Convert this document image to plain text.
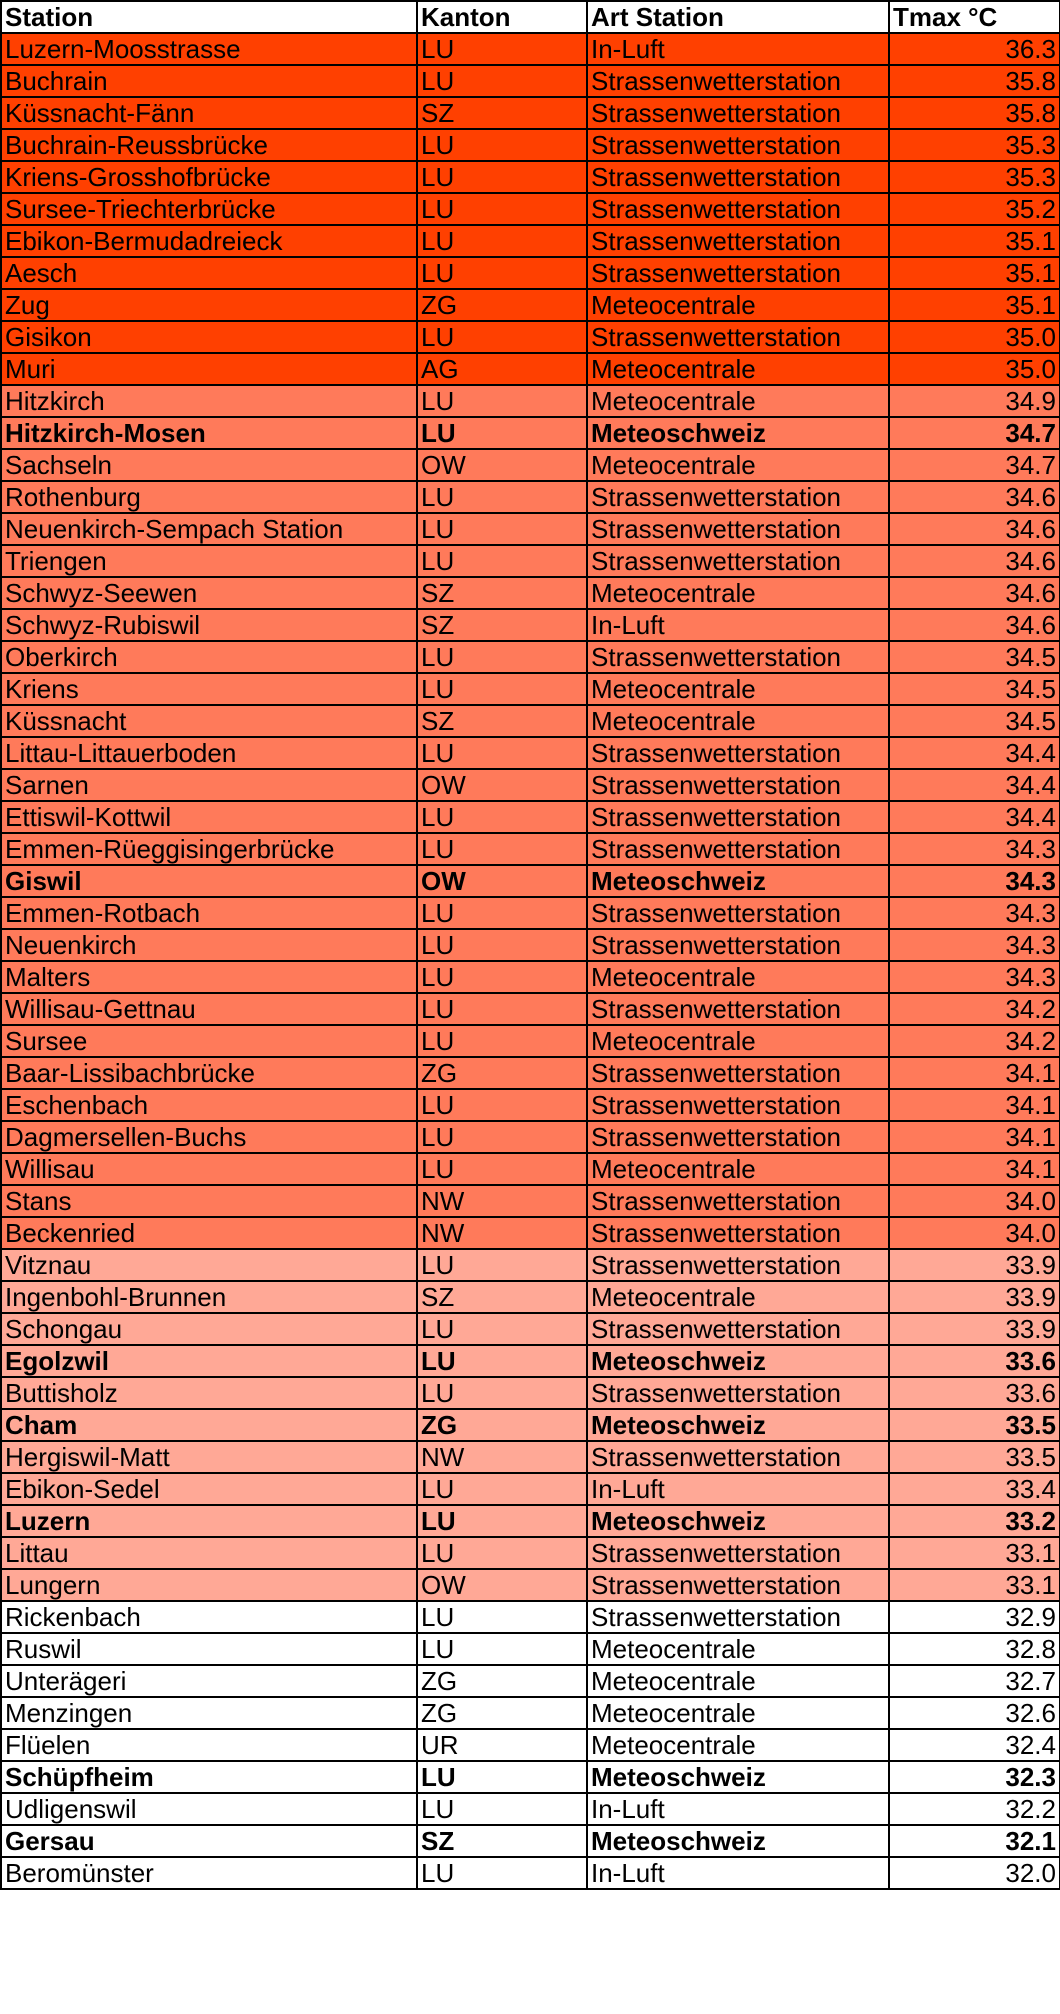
Station	Kanton	Art Station	Tmax °C
Luzern-Moosstrasse	LU	In-Luft	36.3
Buchrain	LU	Strassenwetterstation	35.8
Küssnacht-Fänn	SZ	Strassenwetterstation	35.8
Buchrain-Reussbrücke	LU	Strassenwetterstation	35.3
Kriens-Grosshofbrücke	LU	Strassenwetterstation	35.3
Sursee-Triechterbrücke	LU	Strassenwetterstation	35.2
Ebikon-Bermudadreieck	LU	Strassenwetterstation	35.1
Aesch	LU	Strassenwetterstation	35.1
Zug	ZG	Meteocentrale	35.1
Gisikon	LU	Strassenwetterstation	35.0
Muri	AG	Meteocentrale	35.0
Hitzkirch	LU	Meteocentrale	34.9
Hitzkirch-Mosen	LU	Meteoschweiz	34.7
Sachseln	OW	Meteocentrale	34.7
Rothenburg	LU	Strassenwetterstation	34.6
Neuenkirch-Sempach Station	LU	Strassenwetterstation	34.6
Triengen	LU	Strassenwetterstation	34.6
Schwyz-Seewen	SZ	Meteocentrale	34.6
Schwyz-Rubiswil	SZ	In-Luft	34.6
Oberkirch	LU	Strassenwetterstation	34.5
Kriens	LU	Meteocentrale	34.5
Küssnacht	SZ	Meteocentrale	34.5
Littau-Littauerboden	LU	Strassenwetterstation	34.4
Sarnen	OW	Strassenwetterstation	34.4
Ettiswil-Kottwil	LU	Strassenwetterstation	34.4
Emmen-Rüeggisingerbrücke	LU	Strassenwetterstation	34.3
Giswil	OW	Meteoschweiz	34.3
Emmen-Rotbach	LU	Strassenwetterstation	34.3
Neuenkirch	LU	Strassenwetterstation	34.3
Malters	LU	Meteocentrale	34.3
Willisau-Gettnau	LU	Strassenwetterstation	34.2
Sursee	LU	Meteocentrale	34.2
Baar-Lissibachbrücke	ZG	Strassenwetterstation	34.1
Eschenbach	LU	Strassenwetterstation	34.1
Dagmersellen-Buchs	LU	Strassenwetterstation	34.1
Willisau	LU	Meteocentrale	34.1
Stans	NW	Strassenwetterstation	34.0
Beckenried	NW	Strassenwetterstation	34.0
Vitznau	LU	Strassenwetterstation	33.9
Ingenbohl-Brunnen	SZ	Meteocentrale	33.9
Schongau	LU	Strassenwetterstation	33.9
Egolzwil	LU	Meteoschweiz	33.6
Buttisholz	LU	Strassenwetterstation	33.6
Cham	ZG	Meteoschweiz	33.5
Hergiswil-Matt	NW	Strassenwetterstation	33.5
Ebikon-Sedel	LU	In-Luft	33.4
Luzern	LU	Meteoschweiz	33.2
Littau	LU	Strassenwetterstation	33.1
Lungern	OW	Strassenwetterstation	33.1
Rickenbach	LU	Strassenwetterstation	32.9
Ruswil	LU	Meteocentrale	32.8
Unterägeri	ZG	Meteocentrale	32.7
Menzingen	ZG	Meteocentrale	32.6
Flüelen	UR	Meteocentrale	32.4
Schüpfheim	LU	Meteoschweiz	32.3
Udligenswil	LU	In-Luft	32.2
Gersau	SZ	Meteoschweiz	32.1
Beromünster	LU	In-Luft	32.0
